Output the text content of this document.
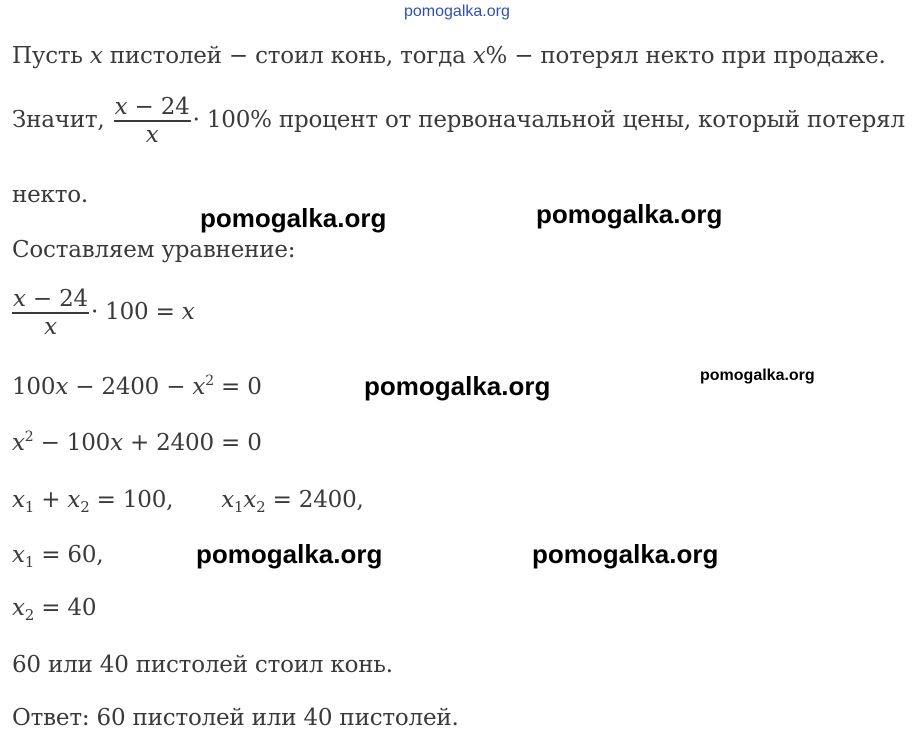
pomogalka.org
Пусть x пистолей − стоил конь, тогда x% − потерял некто при продаже.
Значит, $\frac{x - 24}{x} \cdot 100\%$ процент от первоначальной цены, который потерял
некто.
Составляем уравнение:
$\frac{x - 24}{x} \cdot 100 = x$
$100x - 2400 - x^2 = 0$
$x^2 - 100x + 2400 = 0$
$x_1 + x_2 = 100$, $x_1x_2 = 2400$,
$x_1 = 60$,
$x_2 = 40$
60 или 40 пистолей стоил конь.
Ответ: 60 пистолей или 40 пистолей.
pomogalka.org	pomogalka.org
pomogalka.org	pomogalka.org
pomogalka.org	pomogalka.org
